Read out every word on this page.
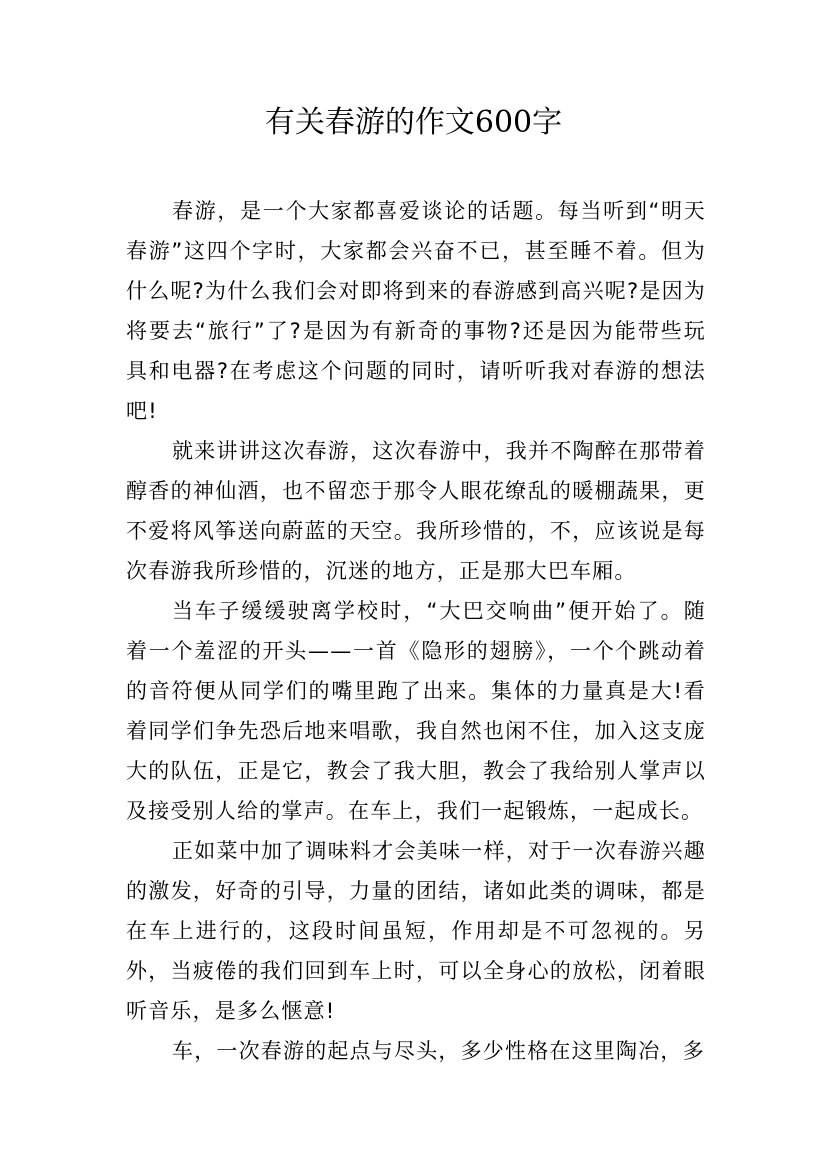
有关春游的作文600字

春游，是一个大家都喜爱谈论的话题。每当听到“明天春游”这四个字时，大家都会兴奋不已，甚至睡不着。但为什么呢?为什么我们会对即将到来的春游感到高兴呢?是因为将要去“旅行”了?是因为有新奇的事物?还是因为能带些玩具和电器?在考虑这个问题的同时，请听听我对春游的想法吧!

就来讲讲这次春游，这次春游中，我并不陶醉在那带着醇香的神仙酒，也不留恋于那令人眼花缭乱的暖棚蔬果，更不爱将风筝送向蔚蓝的天空。我所珍惜的，不，应该说是每次春游我所珍惜的，沉迷的地方，正是那大巴车厢。

当车子缓缓驶离学校时，“大巴交响曲”便开始了。随着一个羞涩的开头——一首《隐形的翅膀》，一个个跳动着的音符便从同学们的嘴里跑了出来。集体的力量真是大!看着同学们争先恐后地来唱歌，我自然也闲不住，加入这支庞大的队伍，正是它，教会了我大胆，教会了我给别人掌声以及接受别人给的掌声。在车上，我们一起锻炼，一起成长。

正如菜中加了调味料才会美味一样，对于一次春游兴趣的激发，好奇的引导，力量的团结，诸如此类的调味，都是在车上进行的，这段时间虽短，作用却是不可忽视的。另外，当疲倦的我们回到车上时，可以全身心的放松，闭着眼听音乐，是多么惬意!

车，一次春游的起点与尽头，多少性格在这里陶冶，多
